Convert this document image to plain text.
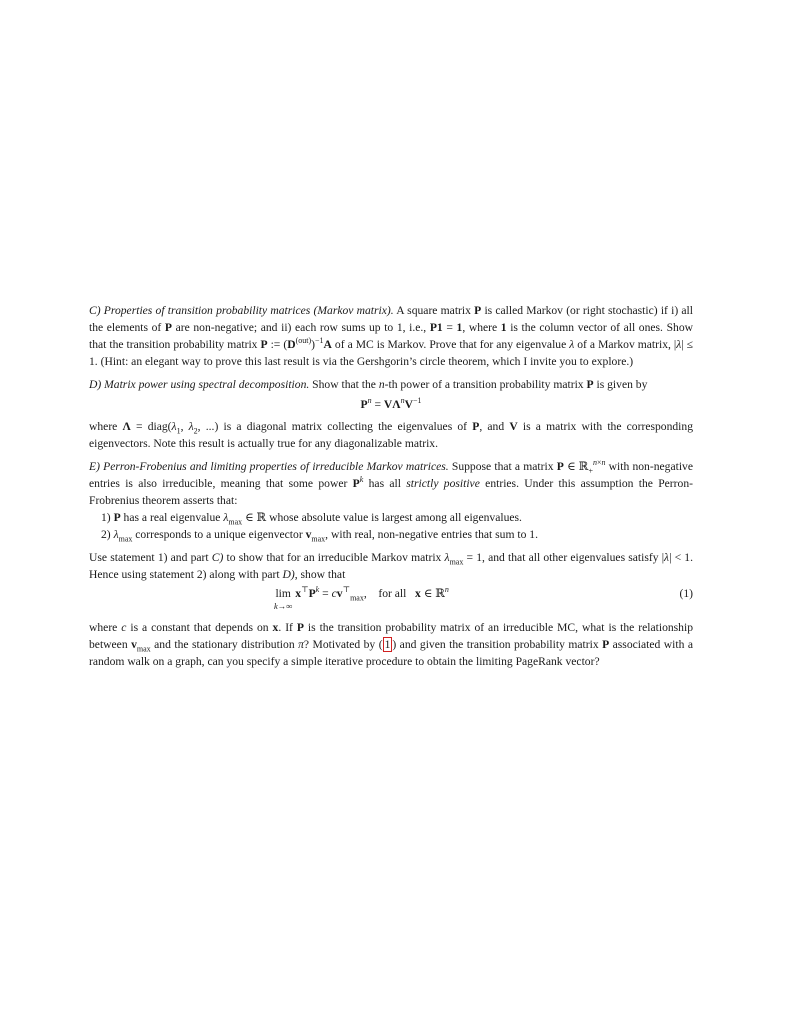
C) Properties of transition probability matrices (Markov matrix). A square matrix P is called Markov (or right stochastic) if i) all the elements of P are non-negative; and ii) each row sums up to 1, i.e., P1 = 1, where 1 is the column vector of all ones. Show that the transition probability matrix P := $(D^{(out)})^{-1}A$ of a MC is Markov. Prove that for any eigenvalue λ of a Markov matrix, |λ| ≤ 1. (Hint: an elegant way to prove this last result is via the Gershgorin’s circle theorem, which I invite you to explore.)

D) Matrix power using spectral decomposition. Show that the n-th power of a transition probability matrix P is given by

$P^n = V\Lambda^nV^{-1}$

where $\Lambda = diag(\lambda_1$, $\lambda_2$, ...) is a diagonal matrix collecting the eigenvalues of P, and V is a matrix with the corresponding eigenvectors. Note this result is actually true for any diagonalizable matrix.

E) Perron-Frobenius and limiting properties of irreducible Markov matrices. Suppose that a matrix P ∈ ℝ$_+^{n\times n}$ with non-negative entries is also irreducible, meaning that some power $P^k$ has all strictly positive entries. Under this assumption the Perron-Frobrenius theorem asserts that:

1) P has a real eigenvalue $\lambda_{max}$ ∈ ℝ whose absolute value is largest among all eigenvalues.
2) $\lambda_{max}$ corresponds to a unique eigenvector $v_{max}$, with real, non-negative entries that sum to 1.

Use statement 1) and part C) to show that for an irreducible Markov matrix $\lambda_{max} = 1$, and that all other eigenvalues satisfy |λ| < 1. Hence using statement 2) along with part D), show that

lim
k→∞
$x^⊤P^k = cv^⊤_{max}$,    for all   x ∈ ℝ$^n$	(1)

where c is a constant that depends on x. If P is the transition probability matrix of an irreducible MC, what is the relationship between $v_{max}$ and the stationary distribution π? Motivated by ( 1 ) and given the transition probability matrix P associated with a random walk on a graph, can you specify a simple iterative procedure to obtain the limiting PageRank vector?
